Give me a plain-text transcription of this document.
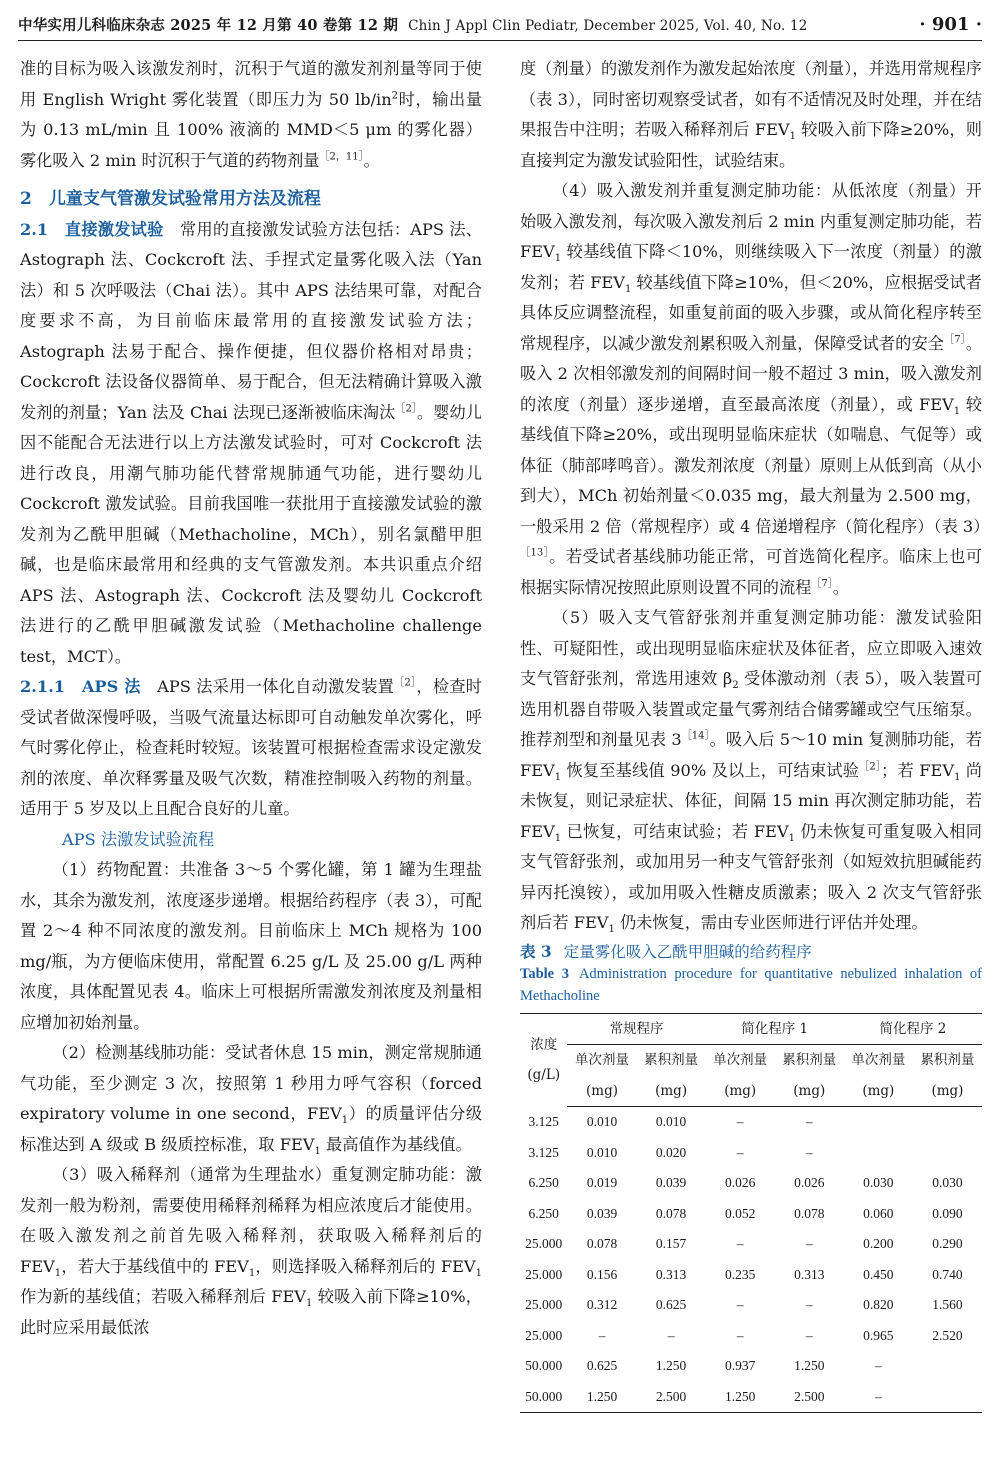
中华实用儿科临床杂志 2025 年 12 月第 40 卷第 12 期 Chin J Appl Clin Pediatr, December 2025, Vol. 40, No. 12	· 901 ·

准的目标为吸入该激发剂时，沉积于气道的激发剂剂量等同于使用 English Wright 雾化装置（即压力为 50 $lb/in^2$时，输出量为 0.13 mL/min 且 100% 液滴的 MMD＜5 μm 的雾化器）雾化吸入 2 min 时沉积于气道的药物剂量$^{[2,11]}$。

2　儿童支气管激发试验常用方法及流程

2.1　直接激发试验　常用的直接激发试验方法包括：APS 法、Astograph 法、Cockcroft 法、手捏式定量雾化吸入法（Yan 法）和 5 次呼吸法（Chai 法）。其中 APS 法结果可靠，对配合度要求不高，为目前临床最常用的直接激发试验方法；Astograph 法易于配合、操作便捷，但仪器价格相对昂贵；Cockcroft 法设备仪器简单、易于配合，但无法精确计算吸入激发剂的剂量；Yan 法及 Chai 法现已逐渐被临床淘汰$^{[2]}$。婴幼儿因不能配合无法进行以上方法激发试验时，可对 Cockcroft 法进行改良，用潮气肺功能代替常规肺通气功能，进行婴幼儿 Cockcroft 激发试验。目前我国唯一获批用于直接激发试验的激发剂为乙酰甲胆碱（Methacholine，MCh），别名氯醋甲胆碱，也是临床最常用和经典的支气管激发剂。本共识重点介绍 APS 法、Astograph 法、Cockcroft 法及婴幼儿 Cockcroft 法进行的乙酰甲胆碱激发试验（Methacholine challenge test，MCT）。

2.1.1　APS 法　APS 法采用一体化自动激发装置$^{[2]}$，检查时受试者做深慢呼吸，当吸气流量达标即可自动触发单次雾化，呼气时雾化停止，检查耗时较短。该装置可根据检查需求设定激发剂的浓度、单次释雾量及吸气次数，精准控制吸入药物的剂量。适用于 5 岁及以上且配合良好的儿童。

APS 法激发试验流程

（1）药物配置：共准备 3～5 个雾化罐，第 1 罐为生理盐水，其余为激发剂，浓度逐步递增。根据给药程序（表 3），可配置 2～4 种不同浓度的激发剂。目前临床上 MCh 规格为 100 mg/瓶，为方便临床使用，常配置 6.25 g/L 及 25.00 g/L 两种浓度，具体配置见表 4。临床上可根据所需激发剂浓度及剂量相应增加初始剂量。

（2）检测基线肺功能：受试者休息 15 min，测定常规肺通气功能，至少测定 3 次，按照第 1 秒用力呼气容积（forced expiratory volume in one second，$FEV_1$）的质量评估分级标准达到 A 级或 B 级质控标准，取 $FEV_1$ 最高值作为基线值。

（3）吸入稀释剂（通常为生理盐水）重复测定肺功能：激发剂一般为粉剂，需要使用稀释剂稀释为相应浓度后才能使用。在吸入激发剂之前首先吸入稀释剂，获取吸入稀释剂后的 $FEV_1$，若大于基线值中的 $FEV_1$，则选择吸入稀释剂后的 $FEV_1$ 作为新的基线值；若吸入稀释剂后 $FEV_1$ 较吸入前下降≥10%，此时应采用最低浓

度（剂量）的激发剂作为激发起始浓度（剂量），并选用常规程序（表 3），同时密切观察受试者，如有不适情况及时处理，并在结果报告中注明；若吸入稀释剂后 $FEV_1$ 较吸入前下降≥20%，则直接判定为激发试验阳性，试验结束。

（4）吸入激发剂并重复测定肺功能：从低浓度（剂量）开始吸入激发剂，每次吸入激发剂后 2 min 内重复测定肺功能，若 $FEV_1$ 较基线值下降＜10%，则继续吸入下一浓度（剂量）的激发剂；若 $FEV_1$ 较基线值下降≥10%，但＜20%，应根据受试者具体反应调整流程，如重复前面的吸入步骤，或从简化程序转至常规程序，以减少激发剂累积吸入剂量，保障受试者的安全$^{[7]}$。吸入 2 次相邻激发剂的间隔时间一般不超过 3 min，吸入激发剂的浓度（剂量）逐步递增，直至最高浓度（剂量），或 $FEV_1$ 较基线值下降≥20%，或出现明显临床症状（如喘息、气促等）或体征（肺部哮鸣音）。激发剂浓度（剂量）原则上从低到高（从小到大），MCh 初始剂量＜0.035 mg，最大剂量为 2.500 mg，一般采用 2 倍（常规程序）或 4 倍递增程序（简化程序）（表 3）$^{[13]}$。若受试者基线肺功能正常，可首选简化程序。临床上也可根据实际情况按照此原则设置不同的流程$^{[7]}$。

（5）吸入支气管舒张剂并重复测定肺功能：激发试验阳性、可疑阳性，或出现明显临床症状及体征者，应立即吸入速效支气管舒张剂，常选用速效 $\beta_2$ 受体激动剂（表 5），吸入装置可选用机器自带吸入装置或定量气雾剂结合储雾罐或空气压缩泵。推荐剂型和剂量见表 $3^{[14]}$。吸入后 5～10 min 复测肺功能，若 $FEV_1$ 恢复至基线值 90% 及以上，可结束试验$^{[2]}$；若 $FEV_1$ 尚未恢复，则记录症状、体征，间隔 15 min 再次测定肺功能，若 $FEV_1$ 已恢复，可结束试验；若 $FEV_1$ 仍未恢复可重复吸入相同支气管舒张剂，或加用另一种支气管舒张剂（如短效抗胆碱能药异丙托溴铵），或加用吸入性糖皮质激素；吸入 2 次支气管舒张剂后若 $FEV_1$ 仍未恢复，需由专业医师进行评估并处理。

表 3 定量雾化吸入乙酰甲胆碱的给药程序
Table 3 Administration procedure for quantitative nebulized inhalation of Methacholine
浓度
(g/L)	常规程序		简化程序 1		简化程序 2	
	单次剂量	累积剂量	单次剂量	累积剂量	单次剂量	累积剂量
	(mg)	(mg)	(mg)	(mg)	(mg)	(mg)
3.125	0.010	0.010	–	–		
3.125	0.010	0.020	–	–		
6.250	0.019	0.039	0.026	0.026	0.030	0.030
6.250	0.039	0.078	0.052	0.078	0.060	0.090
25.000	0.078	0.157	–	–	0.200	0.290
25.000	0.156	0.313	0.235	0.313	0.450	0.740
25.000	0.312	0.625	–	–	0.820	1.560
25.000	–	–	–	–	0.965	2.520
50.000	0.625	1.250	0.937	1.250	–	
50.000	1.250	2.500	1.250	2.500	–	
